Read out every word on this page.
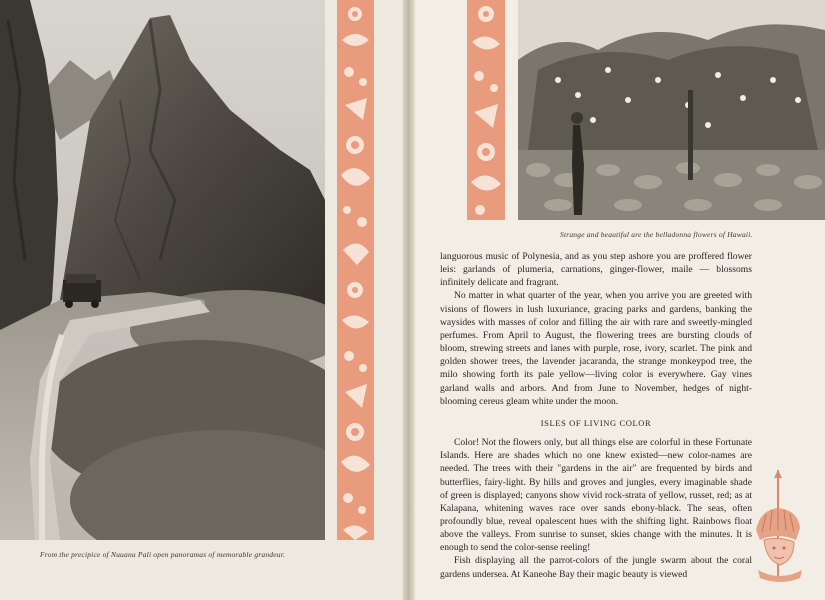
From the precipice of Nuuanu Pali open panoramas of memorable grandeur.
Strange and beautiful are the belladonna flowers of Hawaii.

languorous music of Polynesia, and as you step ashore you are proffered flower leis: garlands of plumeria, carnations, ginger-flower, maile — blossoms infinitely delicate and fragrant.

No matter in what quarter of the year, when you arrive you are greeted with visions of flowers in lush luxuriance, gracing parks and gardens, banking the waysides with masses of color and filling the air with rare and sweetly-mingled perfumes. From April to August, the flowering trees are bursting clouds of bloom, strewing streets and lanes with purple, rose, ivory, scarlet. The pink and golden shower trees, the lavender jacaranda, the strange monkeypod tree, the milo showing forth its pale yellow—living color is everywhere. Gay vines garland walls and arbors. And from June to November, hedges of night-blooming cereus gleam white under the moon.

ISLES OF LIVING COLOR

Color! Not the flowers only, but all things else are colorful in these Fortunate Islands. Here are shades which no one knew existed—new color-names are needed. The trees with their "gardens in the air" are frequented by birds and butterflies, fairy-light. By hills and groves and jungles, every imaginable shade of green is displayed; canyons show vivid rock-strata of yellow, russet, red; as at Kalapana, whitening waves race over sands ebony-black. The seas, often profoundly blue, reveal opalescent hues with the shifting light. Rainbows float above the valleys. From sunrise to sunset, skies change with the minutes. It is enough to send the color-sense reeling!

Fish displaying all the parrot-colors of the jungle swarm about the coral gardens undersea. At Kaneohe Bay their magic beauty is viewed
